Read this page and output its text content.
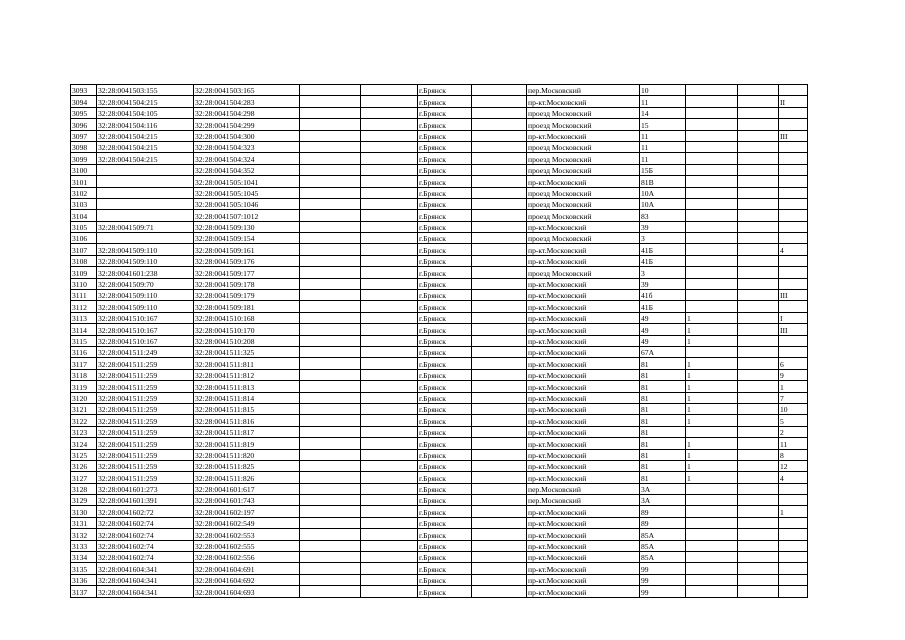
3093	32:28:0041503:155	32:28:0041503:165			г.Брянск		пер.Московский	10			
3094	32:28:0041504:215	32:28:0041504:283			г.Брянск		пр-кт.Московский	11			II
3095	32:28:0041504:105	32:28:0041504:298			г.Брянск		проезд Московский	14			
3096	32:28:0041504:116	32:28:0041504:299			г.Брянск		проезд Московский	15			
3097	32:28:0041504:215	32:28:0041504:300			г.Брянск		пр-кт.Московский	11			III
3098	32:28:0041504:215	32:28:0041504:323			г.Брянск		проезд Московский	11			
3099	32:28:0041504:215	32:28:0041504:324			г.Брянск		проезд Московский	11			
3100		32:28:0041504:352			г.Брянск		проезд Московский	15Б			
3101		32:28:0041505:1041			г.Брянск		пр-кт.Московский	81В			
3102		32:28:0041505:1045			г.Брянск		проезд Московский	10А			
3103		32:28:0041505:1046			г.Брянск		проезд Московский	10А			
3104		32:28:0041507:1012			г.Брянск		проезд Московский	83			
3105	32:28:0041509:71	32:28:0041509:130			г.Брянск		пр-кт.Московский	39			
3106		32:28:0041509:154			г.Брянск		проезд Московский	3			
3107	32:28:0041509:110	32:28:0041509:161			г.Брянск		пр-кт.Московский	41Б			4
3108	32:28:0041509:110	32:28:0041509:176			г.Брянск		пр-кт.Московский	41Б			
3109	32:28:0041601:238	32:28:0041509:177			г.Брянск		проезд Московский	3			
3110	32:28:0041509:70	32:28:0041509:178			г.Брянск		пр-кт.Московский	39			
3111	32:28:0041509:110	32:28:0041509:179			г.Брянск		пр-кт.Московский	41б			III
3112	32:28:0041509:110	32:28:0041509:181			г.Брянск		пр-кт.Московский	41Б			
3113	32:28:0041510:167	32:28:0041510:168			г.Брянск		пр-кт.Московский	49	1		I
3114	32:28:0041510:167	32:28:0041510:170			г.Брянск		пр-кт.Московский	49	1		III
3115	32:28:0041510:167	32:28:0041510:208			г.Брянск		пр-кт.Московский	49	1		
3116	32:28:0041511:249	32:28:0041511:325			г.Брянск		пр-кт.Московский	67А			
3117	32:28:0041511:259	32:28:0041511:811			г.Брянск		пр-кт.Московский	81	1		6
3118	32:28:0041511:259	32:28:0041511:812			г.Брянск		пр-кт.Московский	81	1		9
3119	32:28:0041511:259	32:28:0041511:813			г.Брянск		пр-кт.Московский	81	1		1
3120	32:28:0041511:259	32:28:0041511:814			г.Брянск		пр-кт.Московский	81	1		7
3121	32:28:0041511:259	32:28:0041511:815			г.Брянск		пр-кт.Московский	81	1		10
3122	32:28:0041511:259	32:28:0041511:816			г.Брянск		пр-кт.Московский	81	1		5
3123	32:28:0041511:259	32:28:0041511:817			г.Брянск		пр-кт.Московский	81			2
3124	32:28:0041511:259	32:28:0041511:819			г.Брянск		пр-кт.Московский	81	1		11
3125	32:28:0041511:259	32:28:0041511:820			г.Брянск		пр-кт.Московский	81	1		8
3126	32:28:0041511:259	32:28:0041511:825			г.Брянск		пр-кт.Московский	81	1		12
3127	32:28:0041511:259	32:28:0041511:826			г.Брянск		пр-кт.Московский	81	1		4
3128	32:28:0041601:273	32:28:0041601:617			г.Брянск		пер.Московский	3А			
3129	32:28:0041601:391	32:28:0041601:743			г.Брянск		пер.Московский	3А			
3130	32:28:0041602:72	32:28:0041602:197			г.Брянск		пр-кт.Московский	89			1
3131	32:28:0041602:74	32:28:0041602:549			г.Брянск		пр-кт.Московский	89			
3132	32:28:0041602:74	32:28:0041602:553			г.Брянск		пр-кт.Московский	85А			
3133	32:28:0041602:74	32:28:0041602:555			г.Брянск		пр-кт.Московский	85А			
3134	32:28:0041602:74	32:28:0041602:556			г.Брянск		пр-кт.Московский	85А			
3135	32:28:0041604:341	32:28:0041604:691			г.Брянск		пр-кт.Московский	99			
3136	32:28:0041604:341	32:28:0041604:692			г.Брянск		пр-кт.Московский	99			
3137	32:28:0041604:341	32:28:0041604:693			г.Брянск		пр-кт.Московский	99			
